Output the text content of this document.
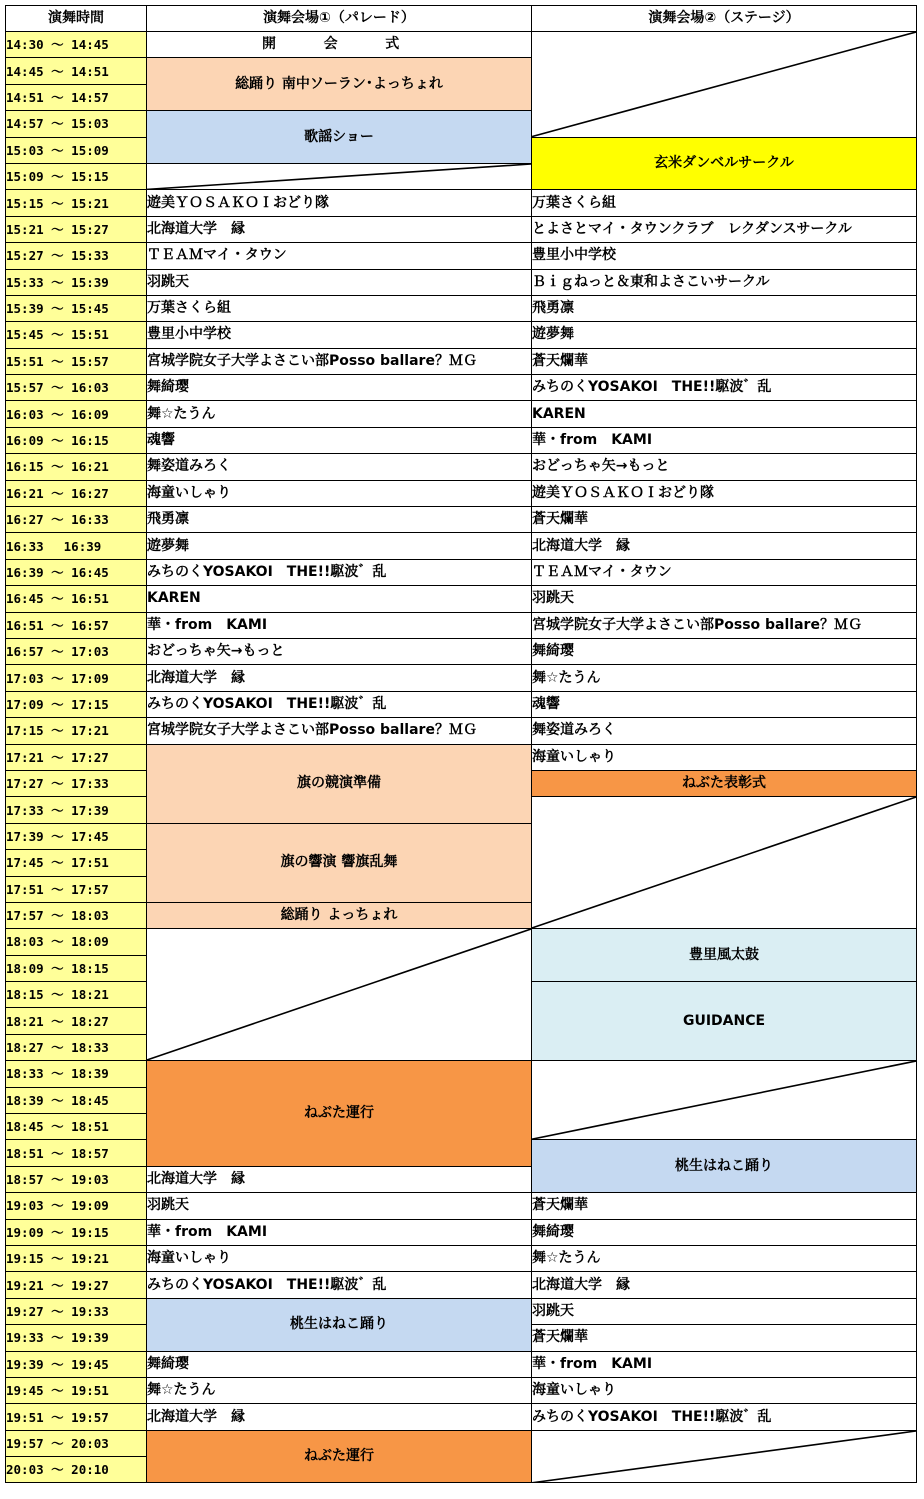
演舞時間	演舞会場①（パレード）	演舞会場②（ステージ）
14:30 ～ 14:45	開　会　式	

14:45 ～ 14:51	総踊り 南中ソーラン･よっちょれ	
14:51 ～ 14:57		
14:57 ～ 15:03	歌謡ショー	
15:03 ～ 15:09		玄米ダンベルサークル
15:09 ～ 15:15	

15:15 ～ 15:21	遊美ＹＯＳＡＫＯＩおどり隊	万葉さくら組
15:21 ～ 15:27	北海道大学　縁	とよさとマイ・タウンクラブ　レクダンスサークル
15:27 ～ 15:33	ＴＥＡＭマイ・タウン	豊里小中学校
15:33 ～ 15:39	羽跳天	Ｂｉｇねっと＆東和よさこいサークル
15:39 ～ 15:45	万葉さくら組	飛勇凛
15:45 ～ 15:51	豊里小中学校	遊夢舞
15:51 ～ 15:57	宮城学院女子大学よさこい部Posso ballare？ＭＧ	蒼天爛華
15:57 ～ 16:03	舞綺璎	みちのくYOSAKOI　THE!!駆波゛乱
16:03 ～ 16:09	舞☆たうん	KAREN
16:09 ～ 16:15	魂響	華・from　KAMI
16:15 ～ 16:21	舞姿道みろく	おどっちゃ矢→もっと
16:21 ～ 16:27	海童いしゃり	遊美ＹＯＳＡＫＯＩおどり隊
16:27 ～ 16:33	飛勇凛	蒼天爛華
16:33　 16:39	遊夢舞	北海道大学　縁
16:39 ～ 16:45	みちのくYOSAKOI　THE!!駆波゛乱	ＴＥＡＭマイ・タウン
16:45 ～ 16:51	KAREN	羽跳天
16:51 ～ 16:57	華・from　KAMI	宮城学院女子大学よさこい部Posso ballare？ＭＧ
16:57 ～ 17:03	おどっちゃ矢→もっと	舞綺璎
17:03 ～ 17:09	北海道大学　縁	舞☆たうん
17:09 ～ 17:15	みちのくYOSAKOI　THE!!駆波゛乱	魂響
17:15 ～ 17:21	宮城学院女子大学よさこい部Posso ballare？ＭＧ	舞姿道みろく
17:21 ～ 17:27	旗の競演準備	海童いしゃり
17:27 ～ 17:33		ねぶた表彰式
17:33 ～ 17:39	

17:39 ～ 17:45	旗の響演 響旗乱舞	
17:45 ～ 17:51		
17:51 ～ 17:57		
17:57 ～ 18:03	総踊り よっちょれ	
18:03 ～ 18:09		豊里風太鼓
18:09 ～ 18:15		
18:15 ～ 18:21		GUIDANCE
18:21 ～ 18:27		
18:27 ～ 18:33		
18:33 ～ 18:39	ねぶた運行	

18:39 ～ 18:45		
18:45 ～ 18:51		
18:51 ～ 18:57		桃生はねこ踊り
18:57 ～ 19:03	北海道大学　縁	
19:03 ～ 19:09	羽跳天	蒼天爛華
19:09 ～ 19:15	華・from　KAMI	舞綺璎
19:15 ～ 19:21	海童いしゃり	舞☆たうん
19:21 ～ 19:27	みちのくYOSAKOI　THE!!駆波゛乱	北海道大学　縁
19:27 ～ 19:33	桃生はねこ踊り	羽跳天
19:33 ～ 19:39		蒼天爛華
19:39 ～ 19:45	舞綺璎	華・from　KAMI
19:45 ～ 19:51	舞☆たうん	海童いしゃり
19:51 ～ 19:57	北海道大学　縁	みちのくYOSAKOI　THE!!駆波゛乱
19:57 ～ 20:03	ねぶた運行	

20:03 ～ 20:10		
